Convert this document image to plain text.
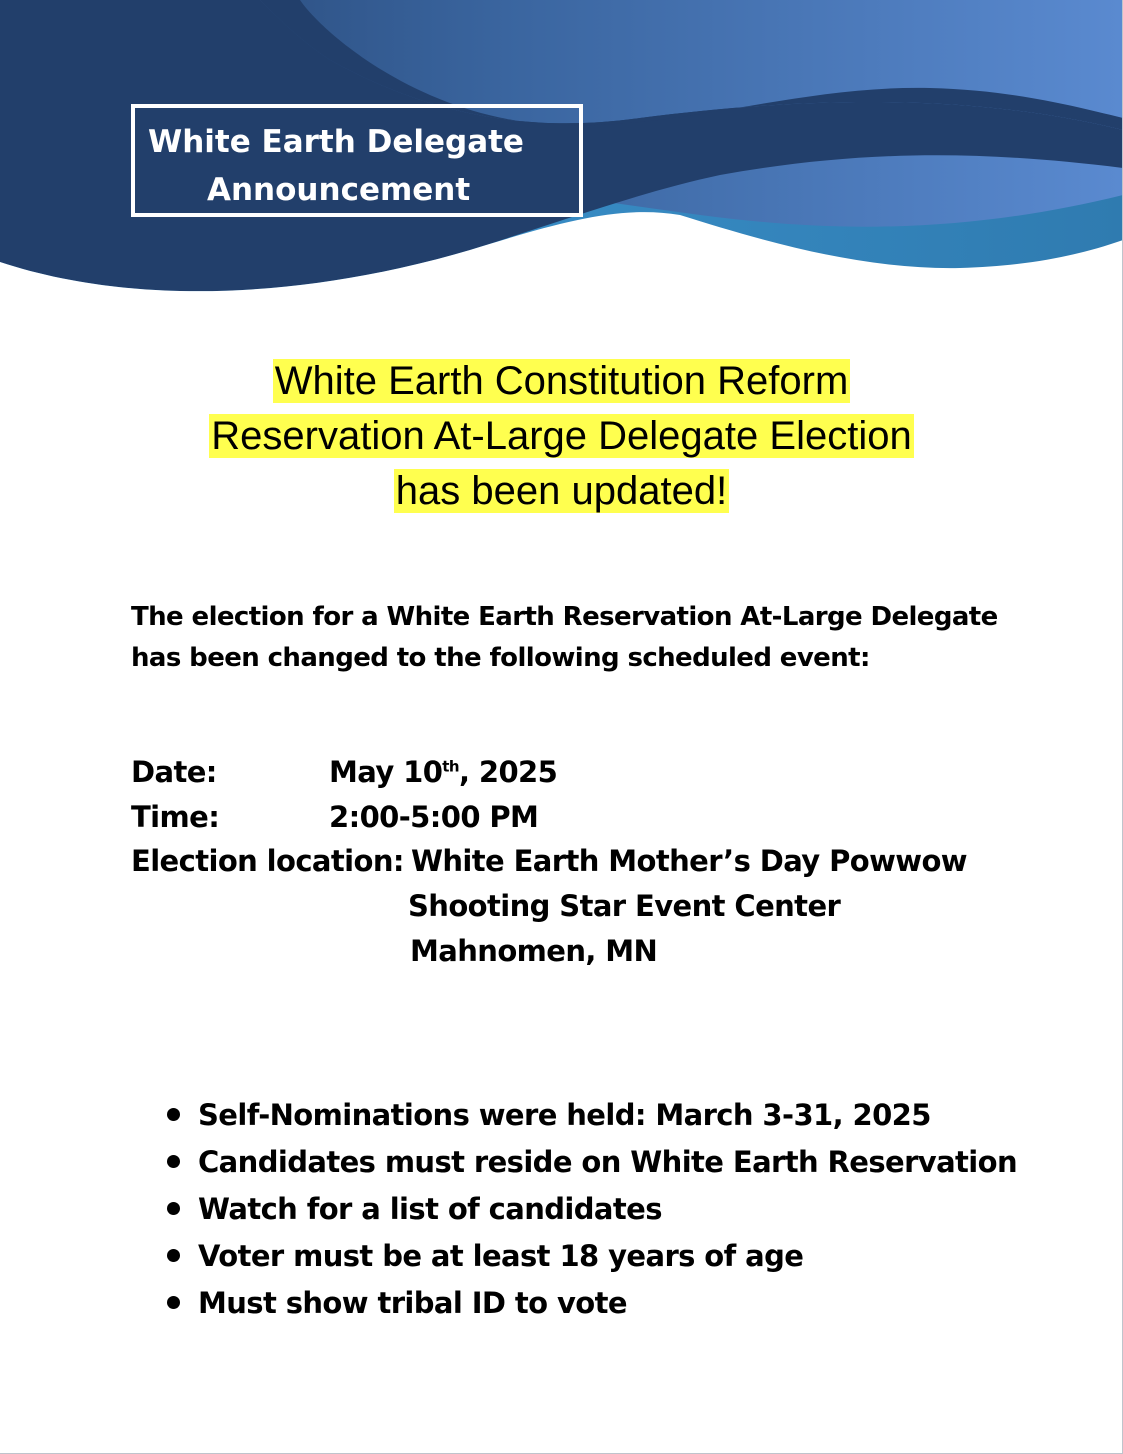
White Earth Delegate
Announcement
White Earth Constitution Reform
Reservation At-Large Delegate Election
has been updated!
The election for a White Earth Reservation At-Large Delegate
has been changed to the following scheduled event:
Date:	May 10th, 2025
Time:	2:00-5:00 PM
Election location: White Earth Mother’s Day Powwow
Shooting Star Event Center
Mahnomen, MN
Self-Nominations were held: March 3-31, 2025
Candidates must reside on White Earth Reservation
Watch for a list of candidates
Voter must be at least 18 years of age
Must show tribal ID to vote
